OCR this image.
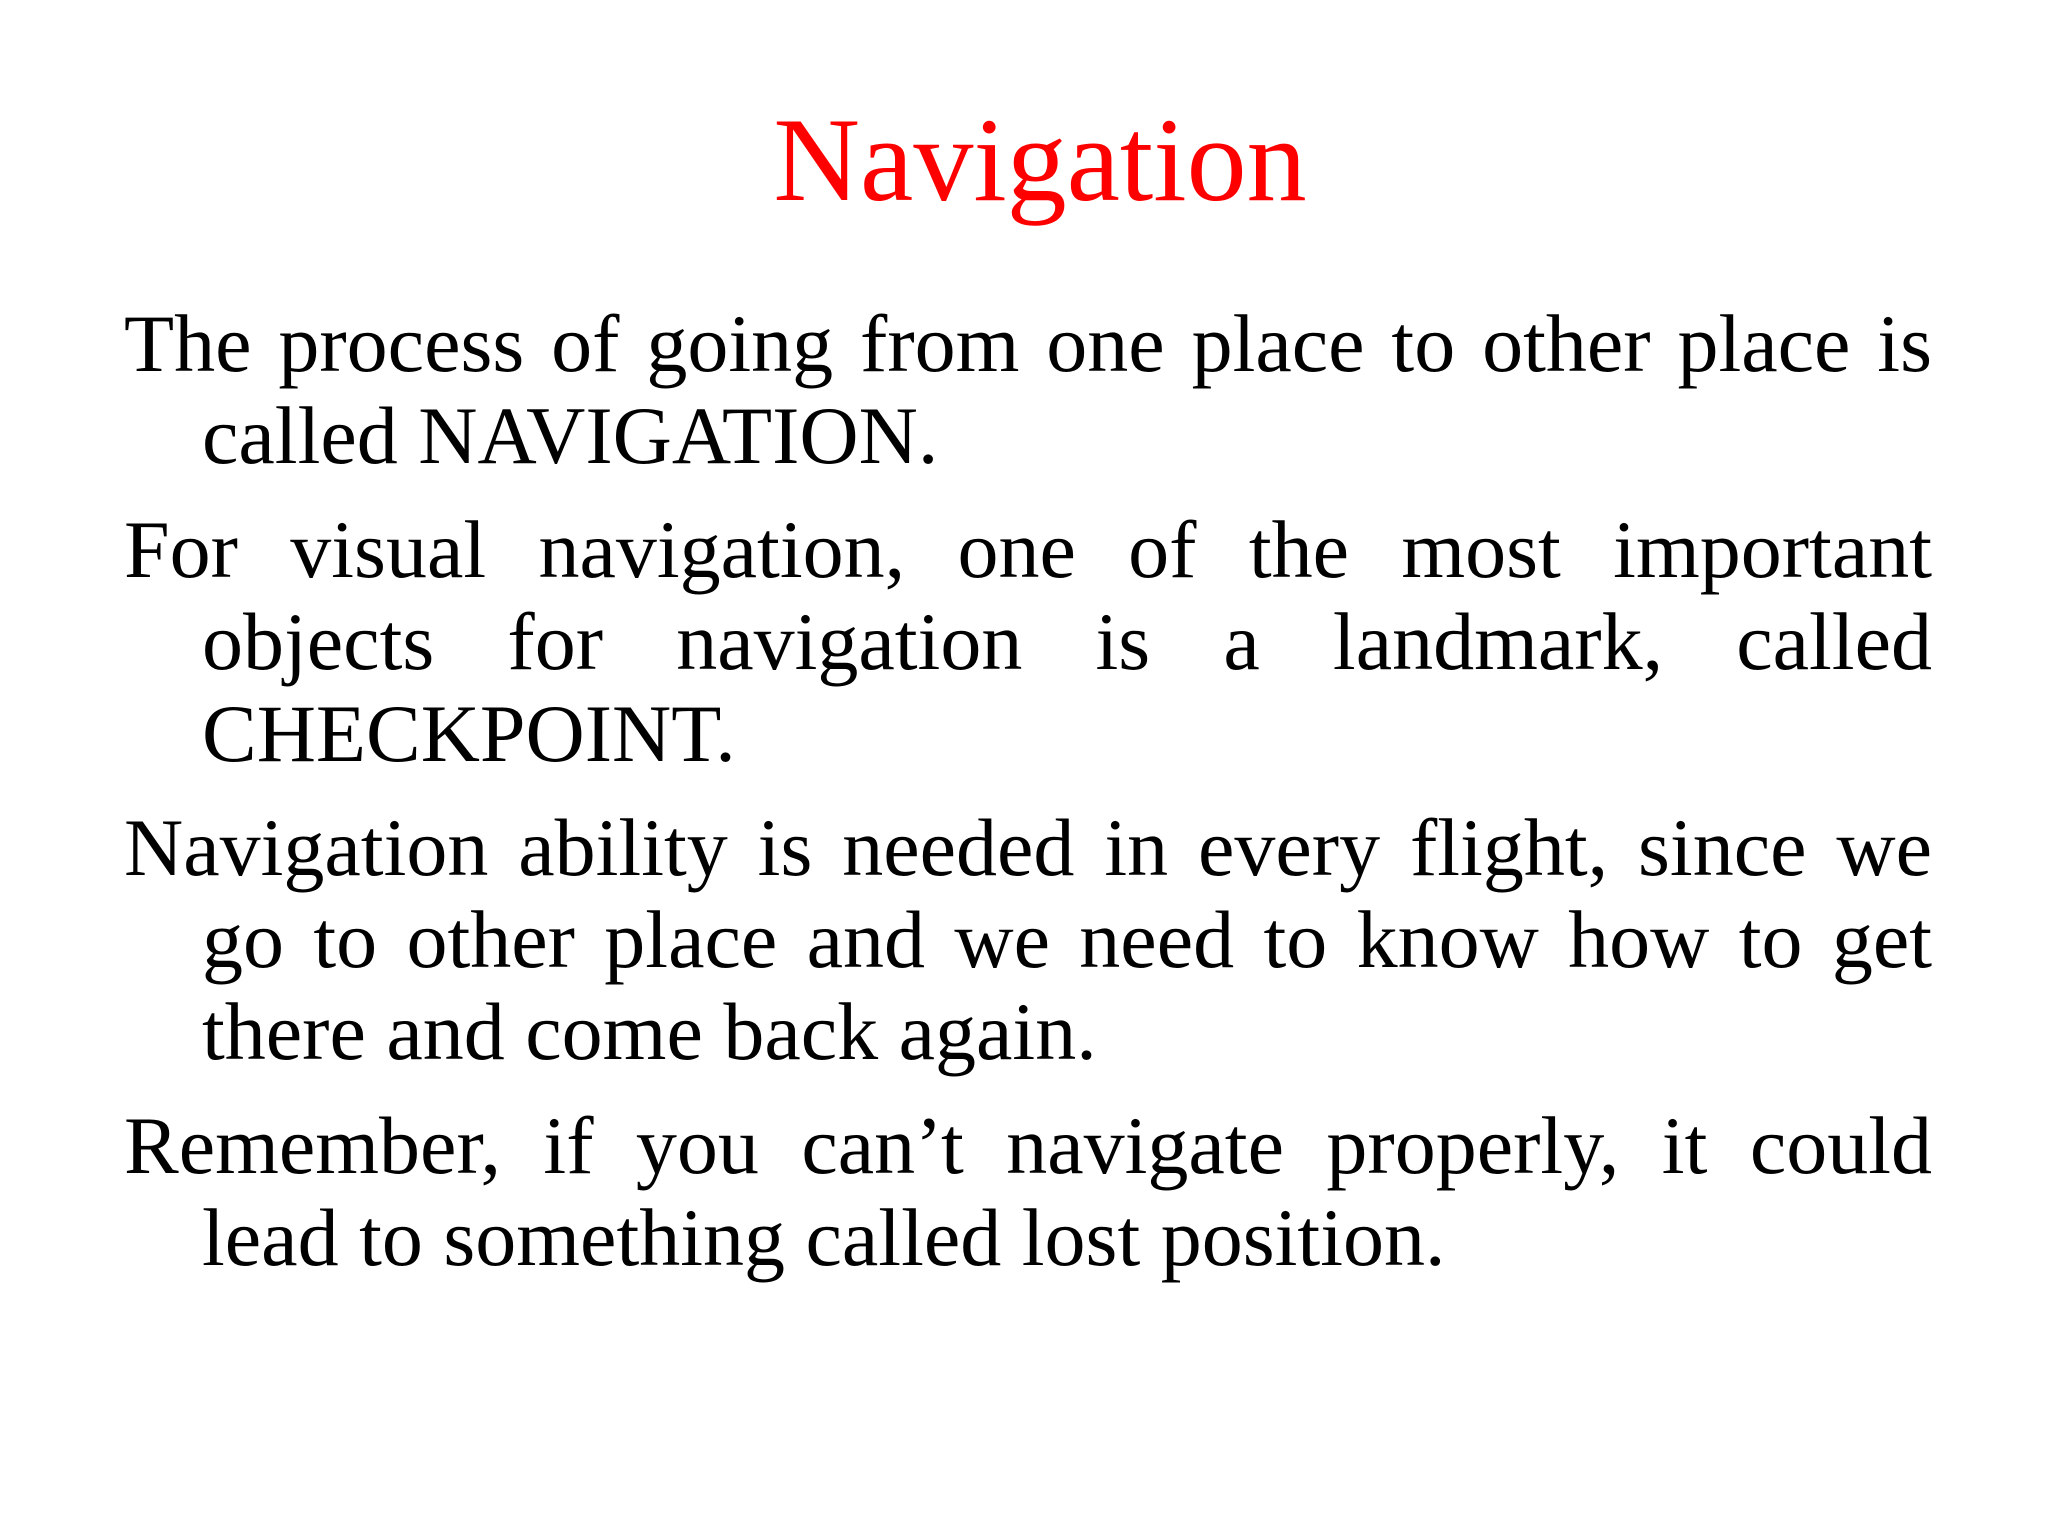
Navigation
The process of going from one place to other place is called NAVIGATION.
For visual navigation, one of the most important objects for navigation is a landmark, called CHECKPOINT.
Navigation ability is needed in every flight, since we go to other place and we need to know how to get there and come back again.
Remember, if you can’t navigate properly, it could lead to something called lost position.
